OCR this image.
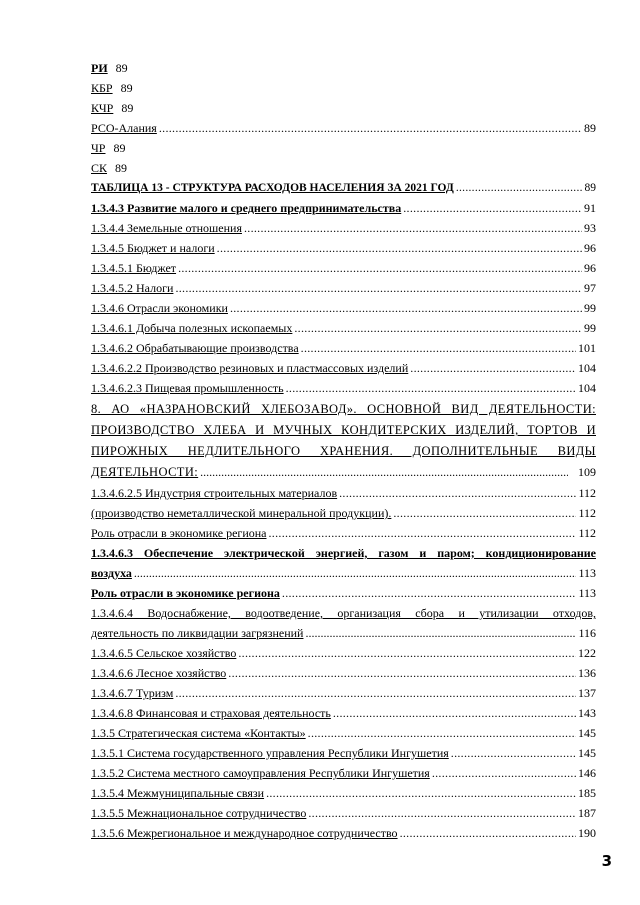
РИ 89
КБР 89
КЧР 89
РСО-Алания .....	89
ЧР 89
СК 89
ТАБЛИЦА 13 - СТРУКТУРА РАСХОДОВ НАСЕЛЕНИЯ ЗА 2021 ГОД .....	89
1.3.4.3 Развитие малого и среднего предпринимательства .....	91
1.3.4.4 Земельные отношения .....	93
1.3.4.5 Бюджет и налоги .....	96
1.3.4.5.1 Бюджет .....	96
1.3.4.5.2 Налоги .....	97
1.3.4.6 Отрасли экономики .....	99
1.3.4.6.1 Добыча полезных ископаемых .....	99
1.3.4.6.2 Обрабатывающие производства .....	101
1.3.4.6.2.2 Производство резиновых и пластмассовых изделий .....	104
1.3.4.6.2.3 Пищевая промышленность .....	104
8. АО «НАЗРАНОВСКИЙ ХЛЕБОЗАВОД». ОСНОВНОЙ ВИД ДЕЯТЕЛЬНОСТИ:
ПРОИЗВОДСТВО ХЛЕБА И МУЧНЫХ КОНДИТЕРСКИХ ИЗДЕЛИЙ, ТОРТОВ И
ПИРОЖНЫХ НЕДЛИТЕЛЬНОГО ХРАНЕНИЯ. ДОПОЛНИТЕЛЬНЫЕ ВИДЫ
ДЕЯТЕЛЬНОСТИ: .....	109
1.3.4.6.2.5 Индустрия строительных материалов .....	112
(производство неметаллической минеральной продукции). .....	112
Роль отрасли в экономике региона .....	112
1.3.4.6.3 Обеспечение электрической энергией, газом и паром; кондиционирование
воздуха .....	113
Роль отрасли в экономике региона .....	113
1.3.4.6.4 Водоснабжение, водоотведение, организация сбора и утилизации отходов,
деятельность по ликвидации загрязнений .....	116
1.3.4.6.5 Сельское хозяйство .....	122
1.3.4.6.6 Лесное хозяйство .....	136
1.3.4.6.7 Туризм .....	137
1.3.4.6.8 Финансовая и страховая деятельность .....	143
1.3.5 Стратегическая система «Контакты» .....	145
1.3.5.1 Система государственного управления Республики Ингушетия .....	145
1.3.5.2 Система местного самоуправления Республики Ингушетия .....	146
1.3.5.4 Межмуниципальные связи .....	185
1.3.5.5 Межнациональное сотрудничество .....	187
1.3.5.6 Межрегиональное и международное сотрудничество .....	190
3
